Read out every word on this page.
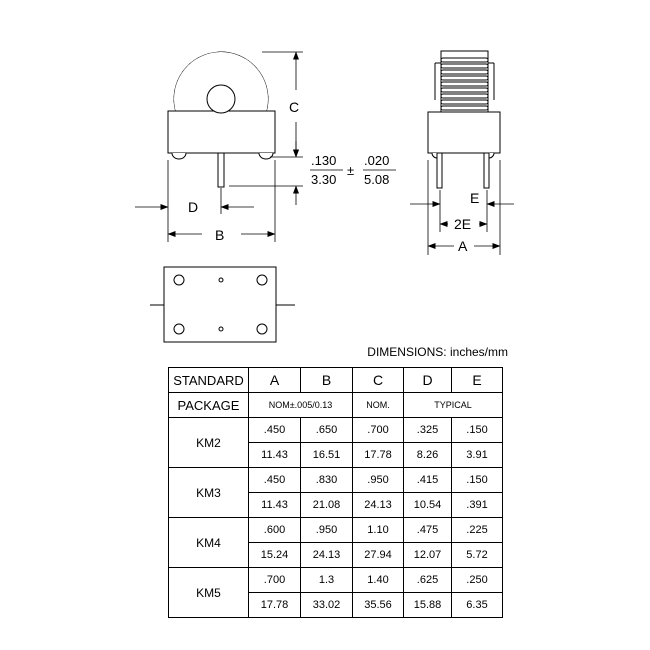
C
D
B
.130
3.30
±
.020
5.08
E
2E
A
DIMENSIONS: inches/mm
STANDARD	A	B	C	D	E
PACKAGE	NOM±.005/0.13		NOM.	TYPICAL	
KM2	.450	.650	.700	.325	.150
	11.43	16.51	17.78	8.26	3.91
KM3	.450	.830	.950	.415	.150
	11.43	21.08	24.13	10.54	.391
KM4	.600	.950	1.10	.475	.225
	15.24	24.13	27.94	12.07	5.72
KM5	.700	1.3	1.40	.625	.250
	17.78	33.02	35.56	15.88	6.35
